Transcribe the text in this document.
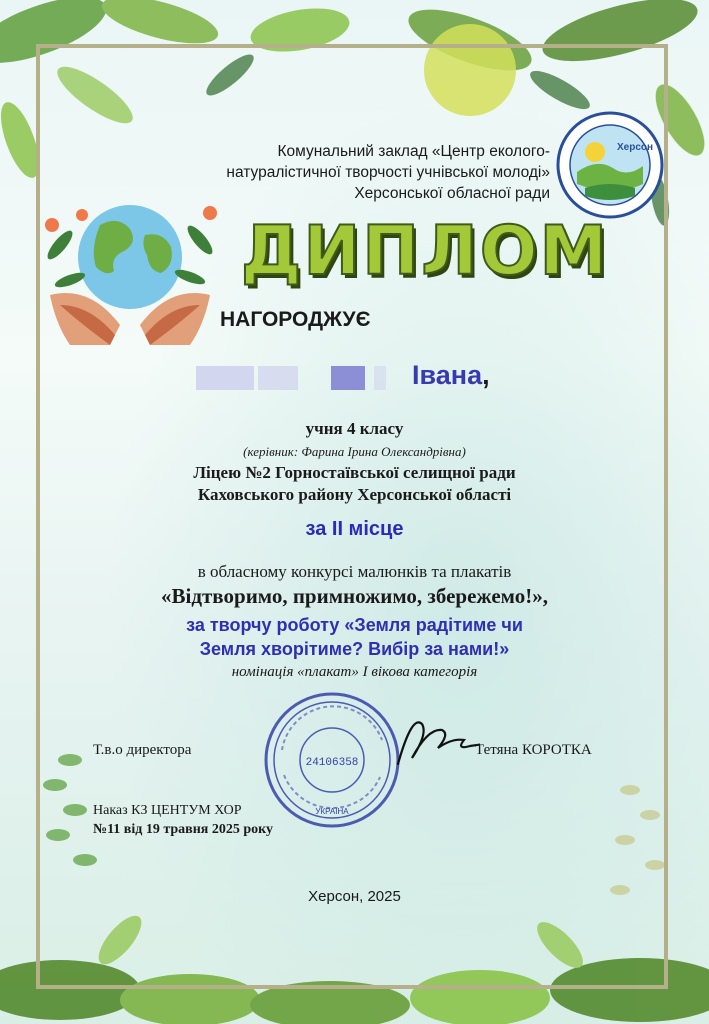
Комунальний заклад «Центр еколого-
натуралістичної творчості учнівської молоді»
Херсонської обласної ради
Херсон
ДИПЛОМ
НАГОРОДЖУЄ
Івана,
учня 4 класу
(керівник: Фарина Ірина Олександрівна)
Ліцею №2 Горностаївської селищної ради
Каховського району Херсонської області
за ІІ місце
в обласному конкурсі малюнків та плакатів
«Відтворимо, примножимо, збережемо!»,
за творчу роботу «Земля радітиме чи
Земля хворітиме? Вибір за нами!»
номінація «плакат» І вікова категорія
Т.в.о директора
24106358
УКРАЇНА
Тетяна КОРОТКА
Наказ КЗ ЦЕНТУМ ХОР
№11 від 19 травня 2025 року
Херсон, 2025
